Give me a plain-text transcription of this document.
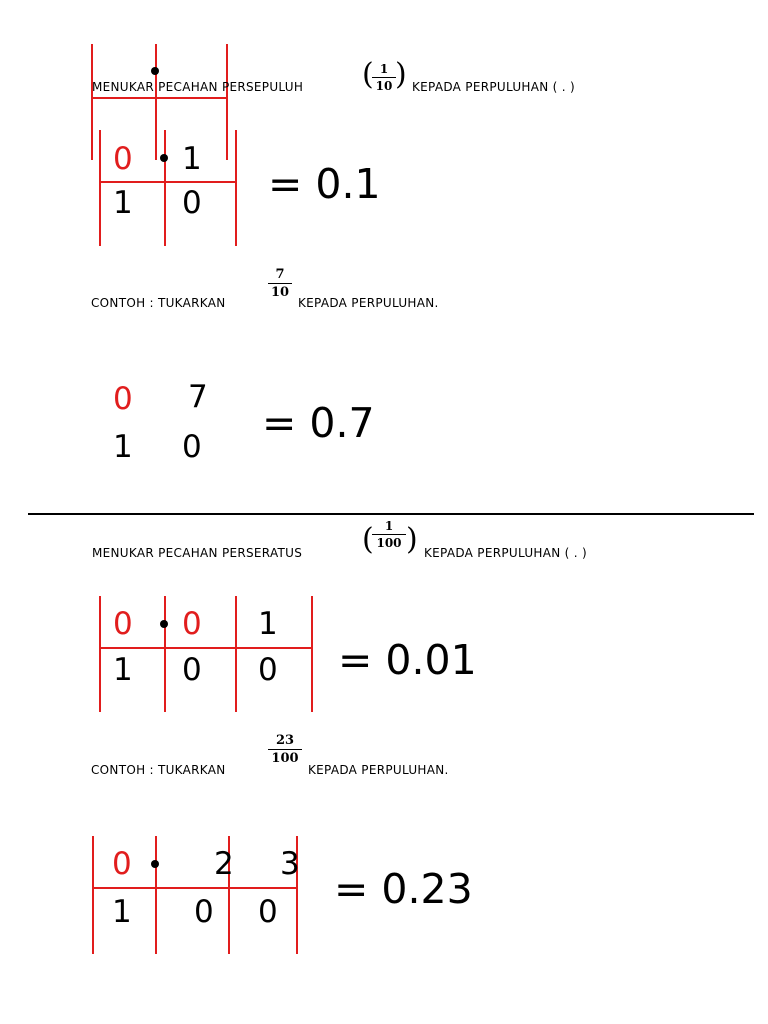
MENUKAR PECAHAN PERSEPULUH ( 1
10 ) KEPADA PERPULUHAN ( . )
0 1
1 0 = 0.1
CONTOH : TUKARKAN
7
10
KEPADA PERPULUHAN.
0 7
1 0 = 0.7
MENUKAR PECAHAN PERSERATUS ( 1
100 ) KEPADA PERPULUHAN ( . )
0 0 1
1 0 0 = 0.01
CONTOH : TUKARKAN
23
100
KEPADA PERPULUHAN.
0	2 3
1 0 0 = 0.23
